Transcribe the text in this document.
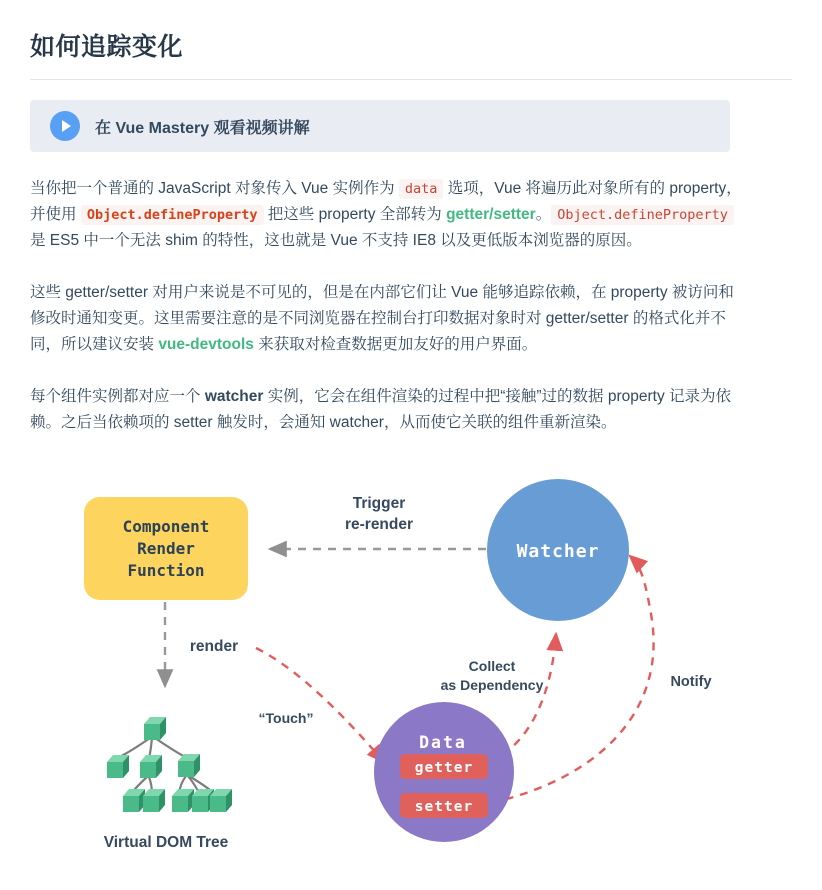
如何追踪变化
在 Vue Mastery 观看视频讲解

当你把一个普通的 JavaScript 对象传入 Vue 实例作为 data 选项，Vue 将遍历此对象所有的 property，并使用 Object.defineProperty 把这些 property 全部转为 getter/setter。 Object.defineProperty 是 ES5 中一个无法 shim 的特性，这也就是 Vue 不支持 IE8 以及更低版本浏览器的原因。

这些 getter/setter 对用户来说是不可见的，但是在内部它们让 Vue 能够追踪依赖，在 property 被访问和修改时通知变更。这里需要注意的是不同浏览器在控制台打印数据对象时对 getter/setter 的格式化并不同，所以建议安装 vue-devtools 来获取对检查数据更加友好的用户界面。

每个组件实例都对应一个 watcher 实例，它会在组件渲染的过程中把“接触”过的数据 property 记录为依赖。之后当依赖项的 setter 触发时，会通知 watcher，从而使它关联的组件重新渲染。

Component
Render
Function
Watcher
Data
getter
setter
Trigger
re-render
render
“Touch”
Collect
as Dependency	Notify
Virtual DOM Tree
